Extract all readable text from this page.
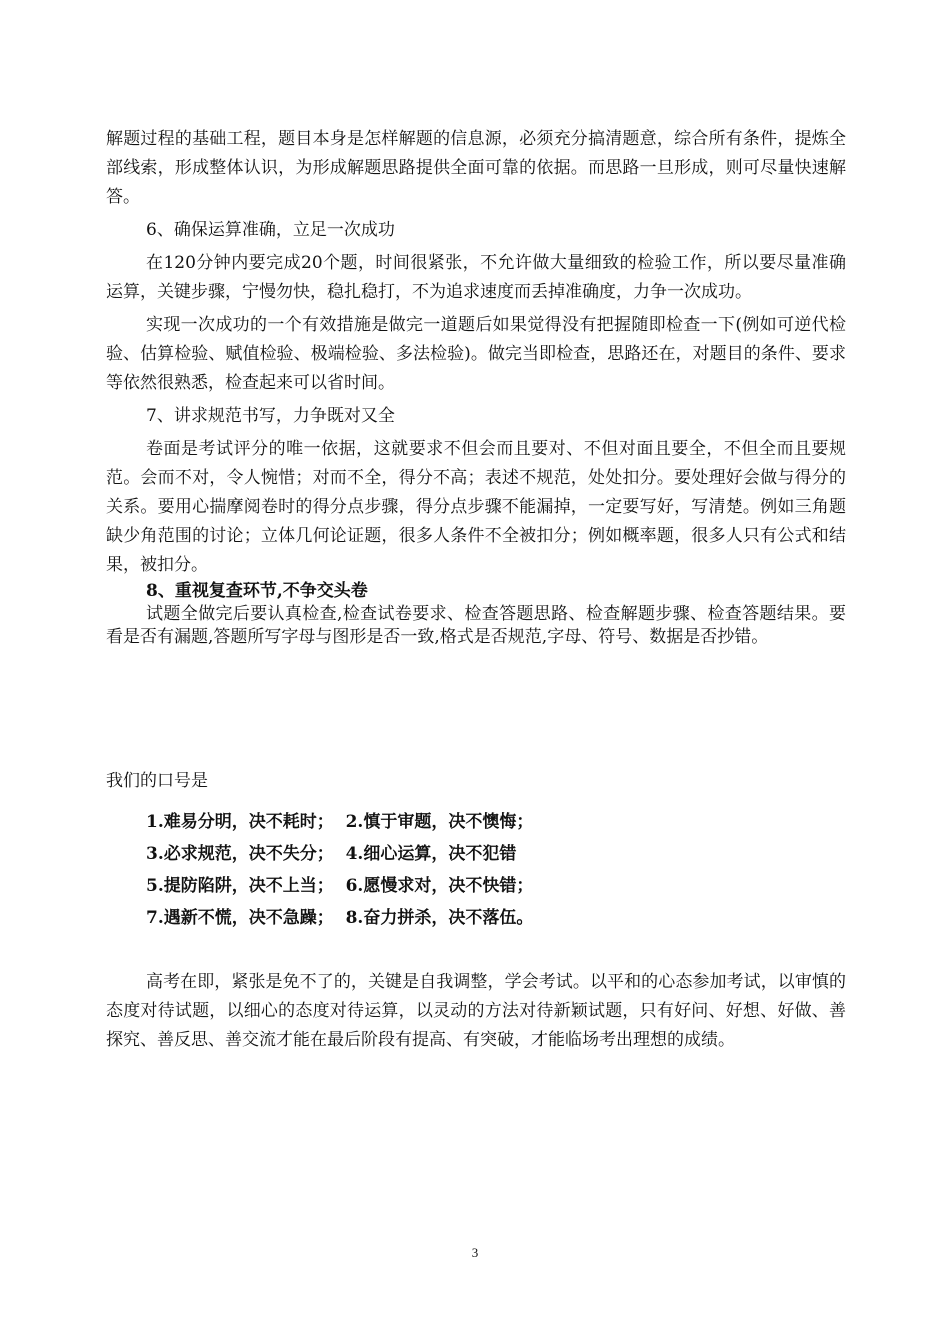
解题过程的基础工程，题目本身是怎样解题的信息源，必须充分搞清题意，综合所有条件，提炼全部线索，形成整体认识，为形成解题思路提供全面可靠的依据。而思路一旦形成，则可尽量快速解答。

6、确保运算准确，立足一次成功

在120分钟内要完成20个题，时间很紧张，不允许做大量细致的检验工作，所以要尽量准确运算，关键步骤，宁慢勿快，稳扎稳打，不为追求速度而丢掉准确度，力争一次成功。

实现一次成功的一个有效措施是做完一道题后如果觉得没有把握随即检查一下(例如可逆代检验、估算检验、赋值检验、极端检验、多法检验)。做完当即检查，思路还在，对题目的条件、要求等依然很熟悉，检查起来可以省时间。

7、讲求规范书写，力争既对又全

卷面是考试评分的唯一依据，这就要求不但会而且要对、不但对面且要全，不但全而且要规范。会而不对，令人惋惜；对而不全，得分不高；表述不规范，处处扣分。要处理好会做与得分的关系。要用心揣摩阅卷时的得分点步骤，得分点步骤不能漏掉，一定要写好，写清楚。例如三角题缺少角范围的讨论；立体几何论证题，很多人条件不全被扣分；例如概率题，很多人只有公式和结果，被扣分。

8、重视复查环节,不争交头卷

试题全做完后要认真检查,检查试卷要求、检查答题思路、检查解题步骤、检查答题结果。要看是否有漏题,答题所写字母与图形是否一致,格式是否规范,字母、符号、数据是否抄错。

我们的口号是

1.难易分明，决不耗时；  2.慎于审题，决不懊悔；

3.必求规范，决不失分；  4.细心运算，决不犯错

5.提防陷阱，决不上当；  6.愿慢求对，决不快错；

7.遇新不慌，决不急躁；  8.奋力拼杀，决不落伍。

高考在即，紧张是免不了的，关键是自我调整，学会考试。以平和的心态参加考试，以审慎的态度对待试题，以细心的态度对待运算，以灵动的方法对待新颖试题，只有好问、好想、好做、善探究、善反思、善交流才能在最后阶段有提高、有突破，才能临场考出理想的成绩。

3
